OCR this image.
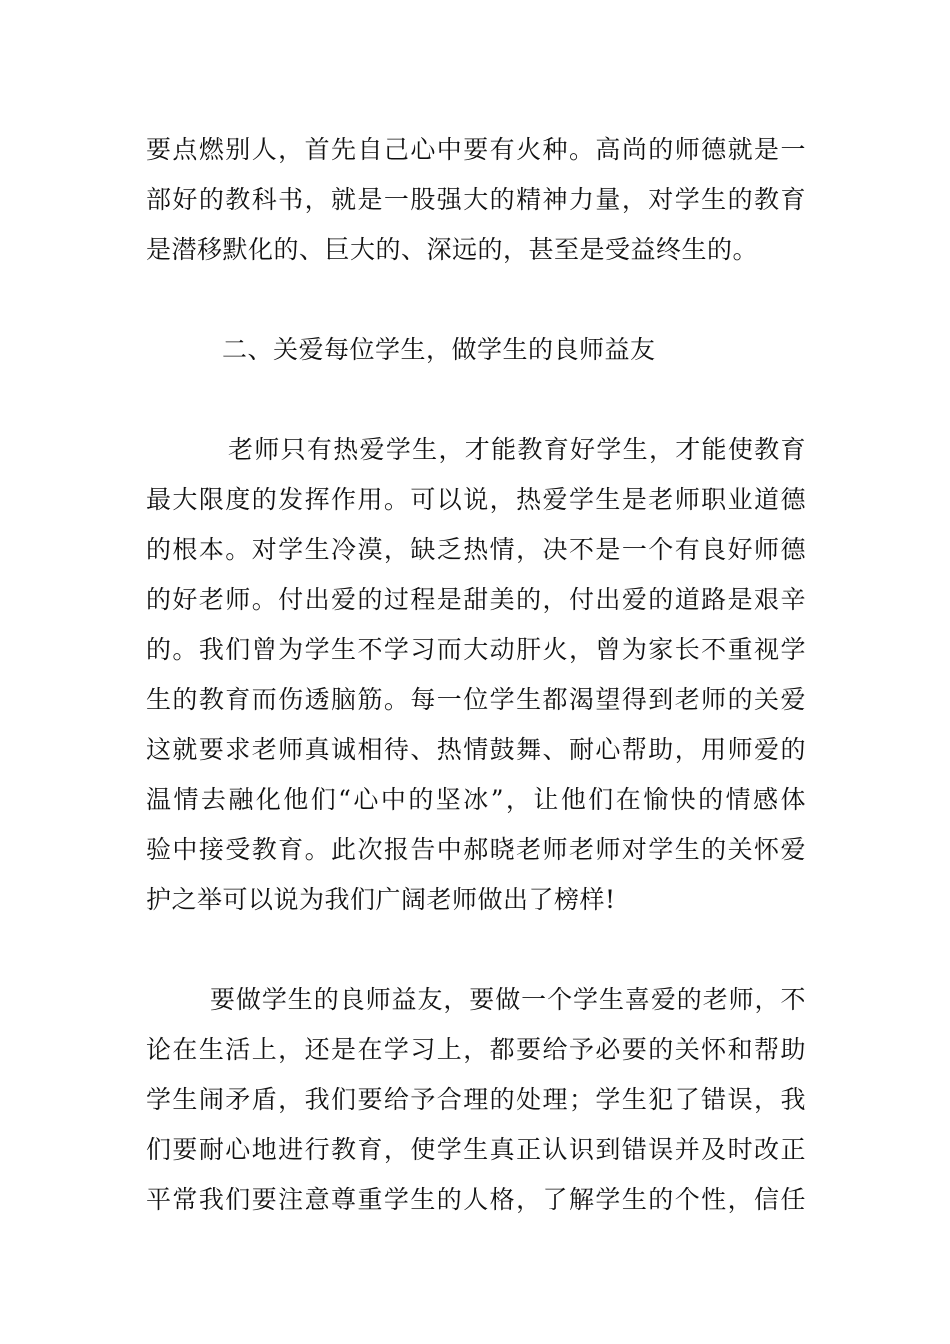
要点燃别人，首先自己心中要有火种。高尚的师德就是一
部好的教科书，就是一股强大的精神力量，对学生的教育
是潜移默化的、巨大的、深远的，甚至是受益终生的。
二、关爱每位学生，做学生的良师益友
老师只有热爱学生，才能教育好学生，才能使教育
最大限度的发挥作用。可以说，热爱学生是老师职业道德
的根本。对学生冷漠，缺乏热情，决不是一个有良好师德
的好老师。付出爱的过程是甜美的，付出爱的道路是艰辛
的。我们曾为学生不学习而大动肝火，曾为家长不重视学
生的教育而伤透脑筋。每一位学生都渴望得到老师的关爱
这就要求老师真诚相待、热情鼓舞、耐心帮助，用师爱的
温情去融化他们“心中的坚冰”，让他们在愉快的情感体
验中接受教育。此次报告中郝晓老师老师对学生的关怀爱
护之举可以说为我们广阔老师做出了榜样!
要做学生的良师益友，要做一个学生喜爱的老师，不
论在生活上，还是在学习上，都要给予必要的关怀和帮助
学生闹矛盾，我们要给予合理的处理；学生犯了错误，我
们要耐心地进行教育，使学生真正认识到错误并及时改正
平常我们要注意尊重学生的人格，了解学生的个性，信任
